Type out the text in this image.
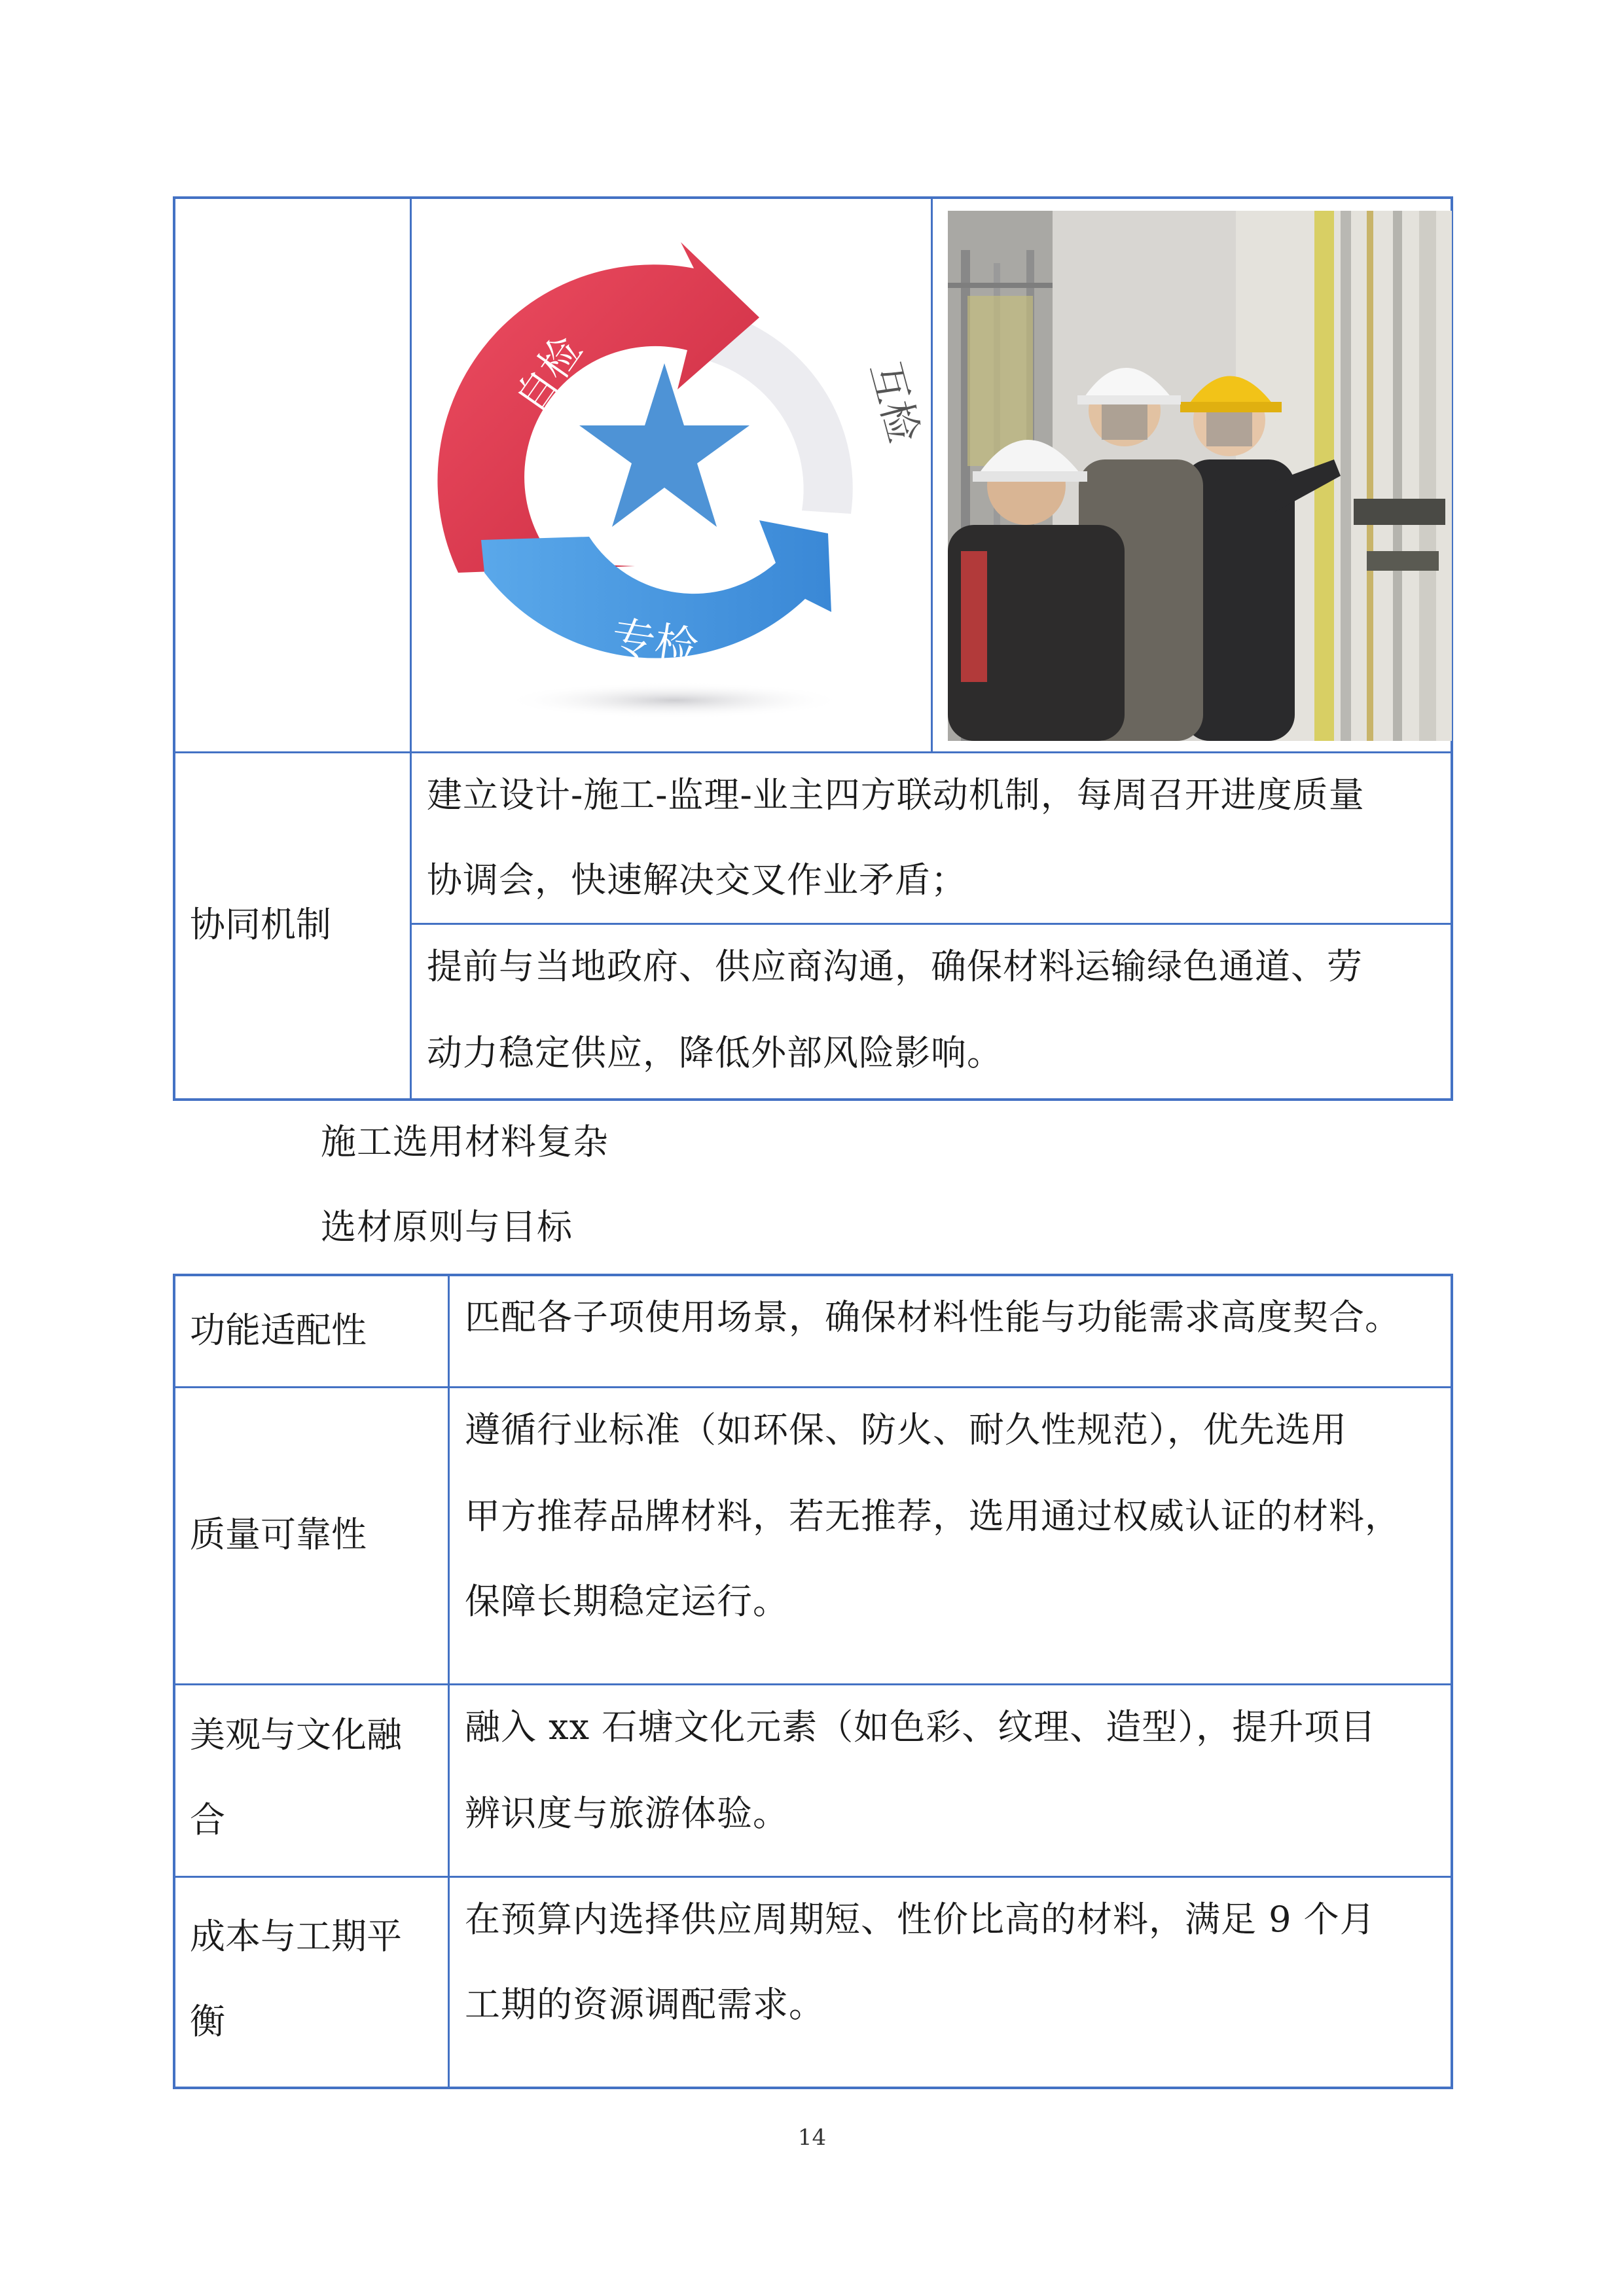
自检	互检
专检
协同机制
建立设计-施工-监理-业主四方联动机制，每周召开进度质量
协调会，快速解决交叉作业矛盾；
提前与当地政府、供应商沟通，确保材料运输绿色通道、劳
动力稳定供应，降低外部风险影响。
施工选用材料复杂
选材原则与目标
功能适配性	匹配各子项使用场景，确保材料性能与功能需求高度契合。
质量可靠性
遵循行业标准（如环保、防火、耐久性规范），优先选用
甲方推荐品牌材料，若无推荐，选用通过权威认证的材料，
保障长期稳定运行。
美观与文化融
合
融入 xx 石塘文化元素（如色彩、纹理、造型），提升项目
辨识度与旅游体验。
成本与工期平
衡
在预算内选择供应周期短、性价比高的材料，满足 9 个月
工期的资源调配需求。
14
